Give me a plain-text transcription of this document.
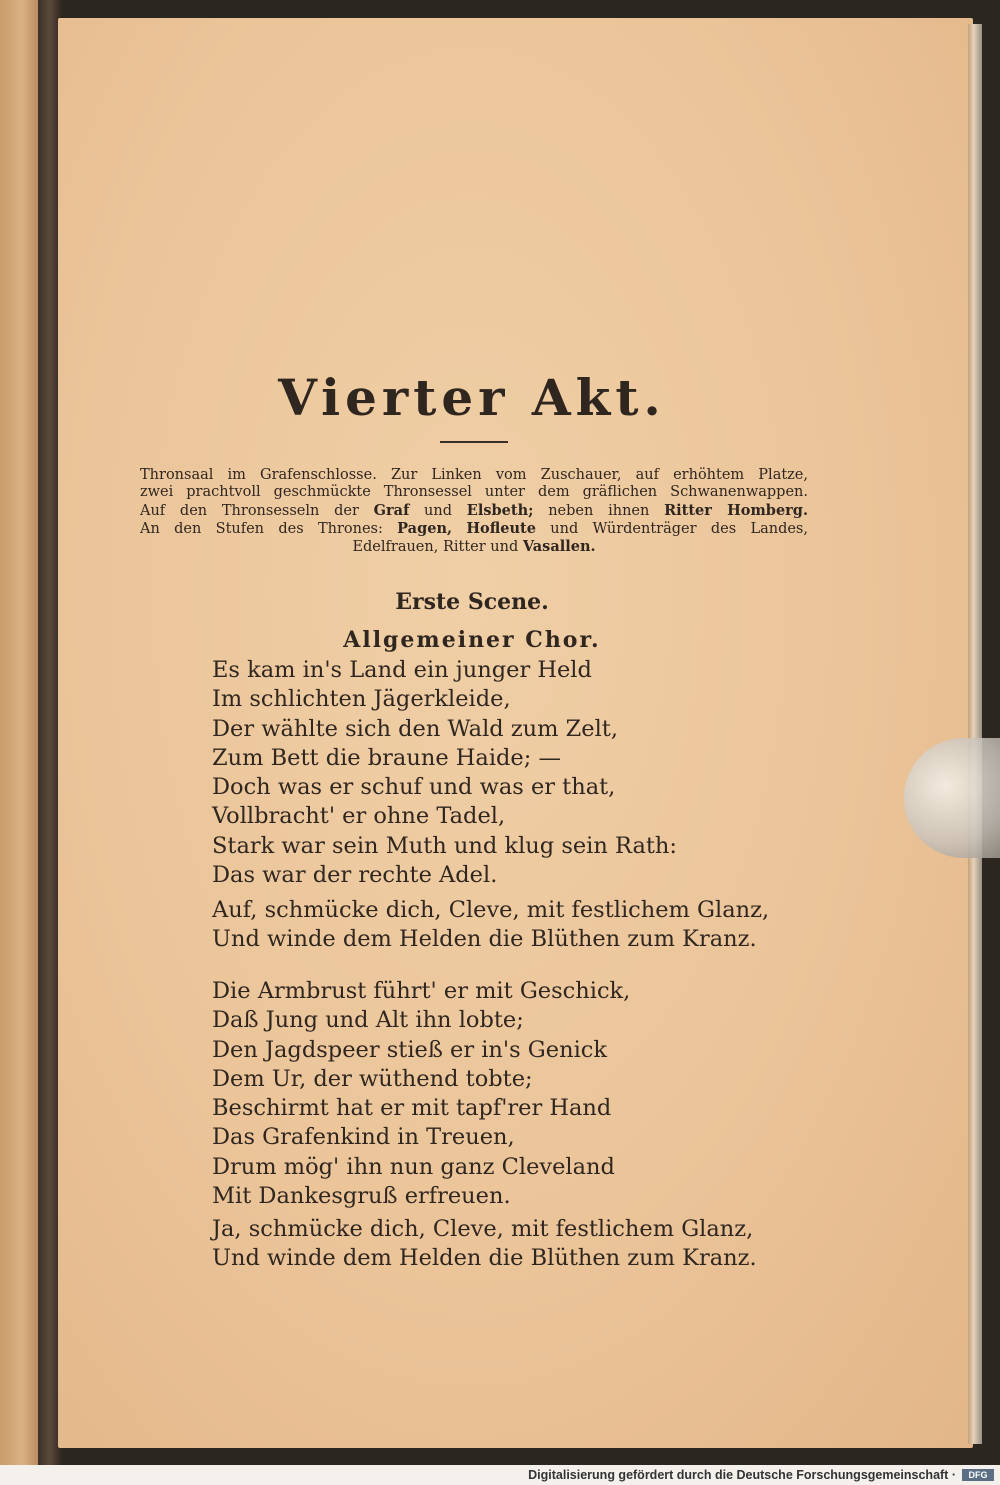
Vierter Akt.
Thronsaal im Grafenschlosse. Zur Linken vom Zuschauer, auf erhöhtem Platze,
zwei prachtvoll geschmückte Thronsessel unter dem gräflichen Schwanenwappen.
Auf den Thronsesseln der Graf und Elsbeth; neben ihnen Ritter Homberg.
An den Stufen des Thrones: Pagen, Hofleute und Würdenträger des Landes,
Edelfrauen, Ritter und Vasallen.
Erste Scene.
Allgemeiner Chor.
Es kam in's Land ein junger Held
Im schlichten Jägerkleide,
Der wählte sich den Wald zum Zelt,
Zum Bett die braune Haide; —
Doch was er schuf und was er that,
Vollbracht' er ohne Tadel,
Stark war sein Muth und klug sein Rath:
Das war der rechte Adel.
Auf, schmücke dich, Cleve, mit festlichem Glanz,
Und winde dem Helden die Blüthen zum Kranz.
Die Armbrust führt' er mit Geschick,
Daß Jung und Alt ihn lobte;
Den Jagdspeer stieß er in's Genick
Dem Ur, der wüthend tobte;
Beschirmt hat er mit tapf'rer Hand
Das Grafenkind in Treuen,
Drum mög' ihn nun ganz Cleveland
Mit Dankesgruß erfreuen.
Ja, schmücke dich, Cleve, mit festlichem Glanz,
Und winde dem Helden die Blüthen zum Kranz.
Digitalisierung gefördert durch die Deutsche Forschungsgemeinschaft ·	DFG
